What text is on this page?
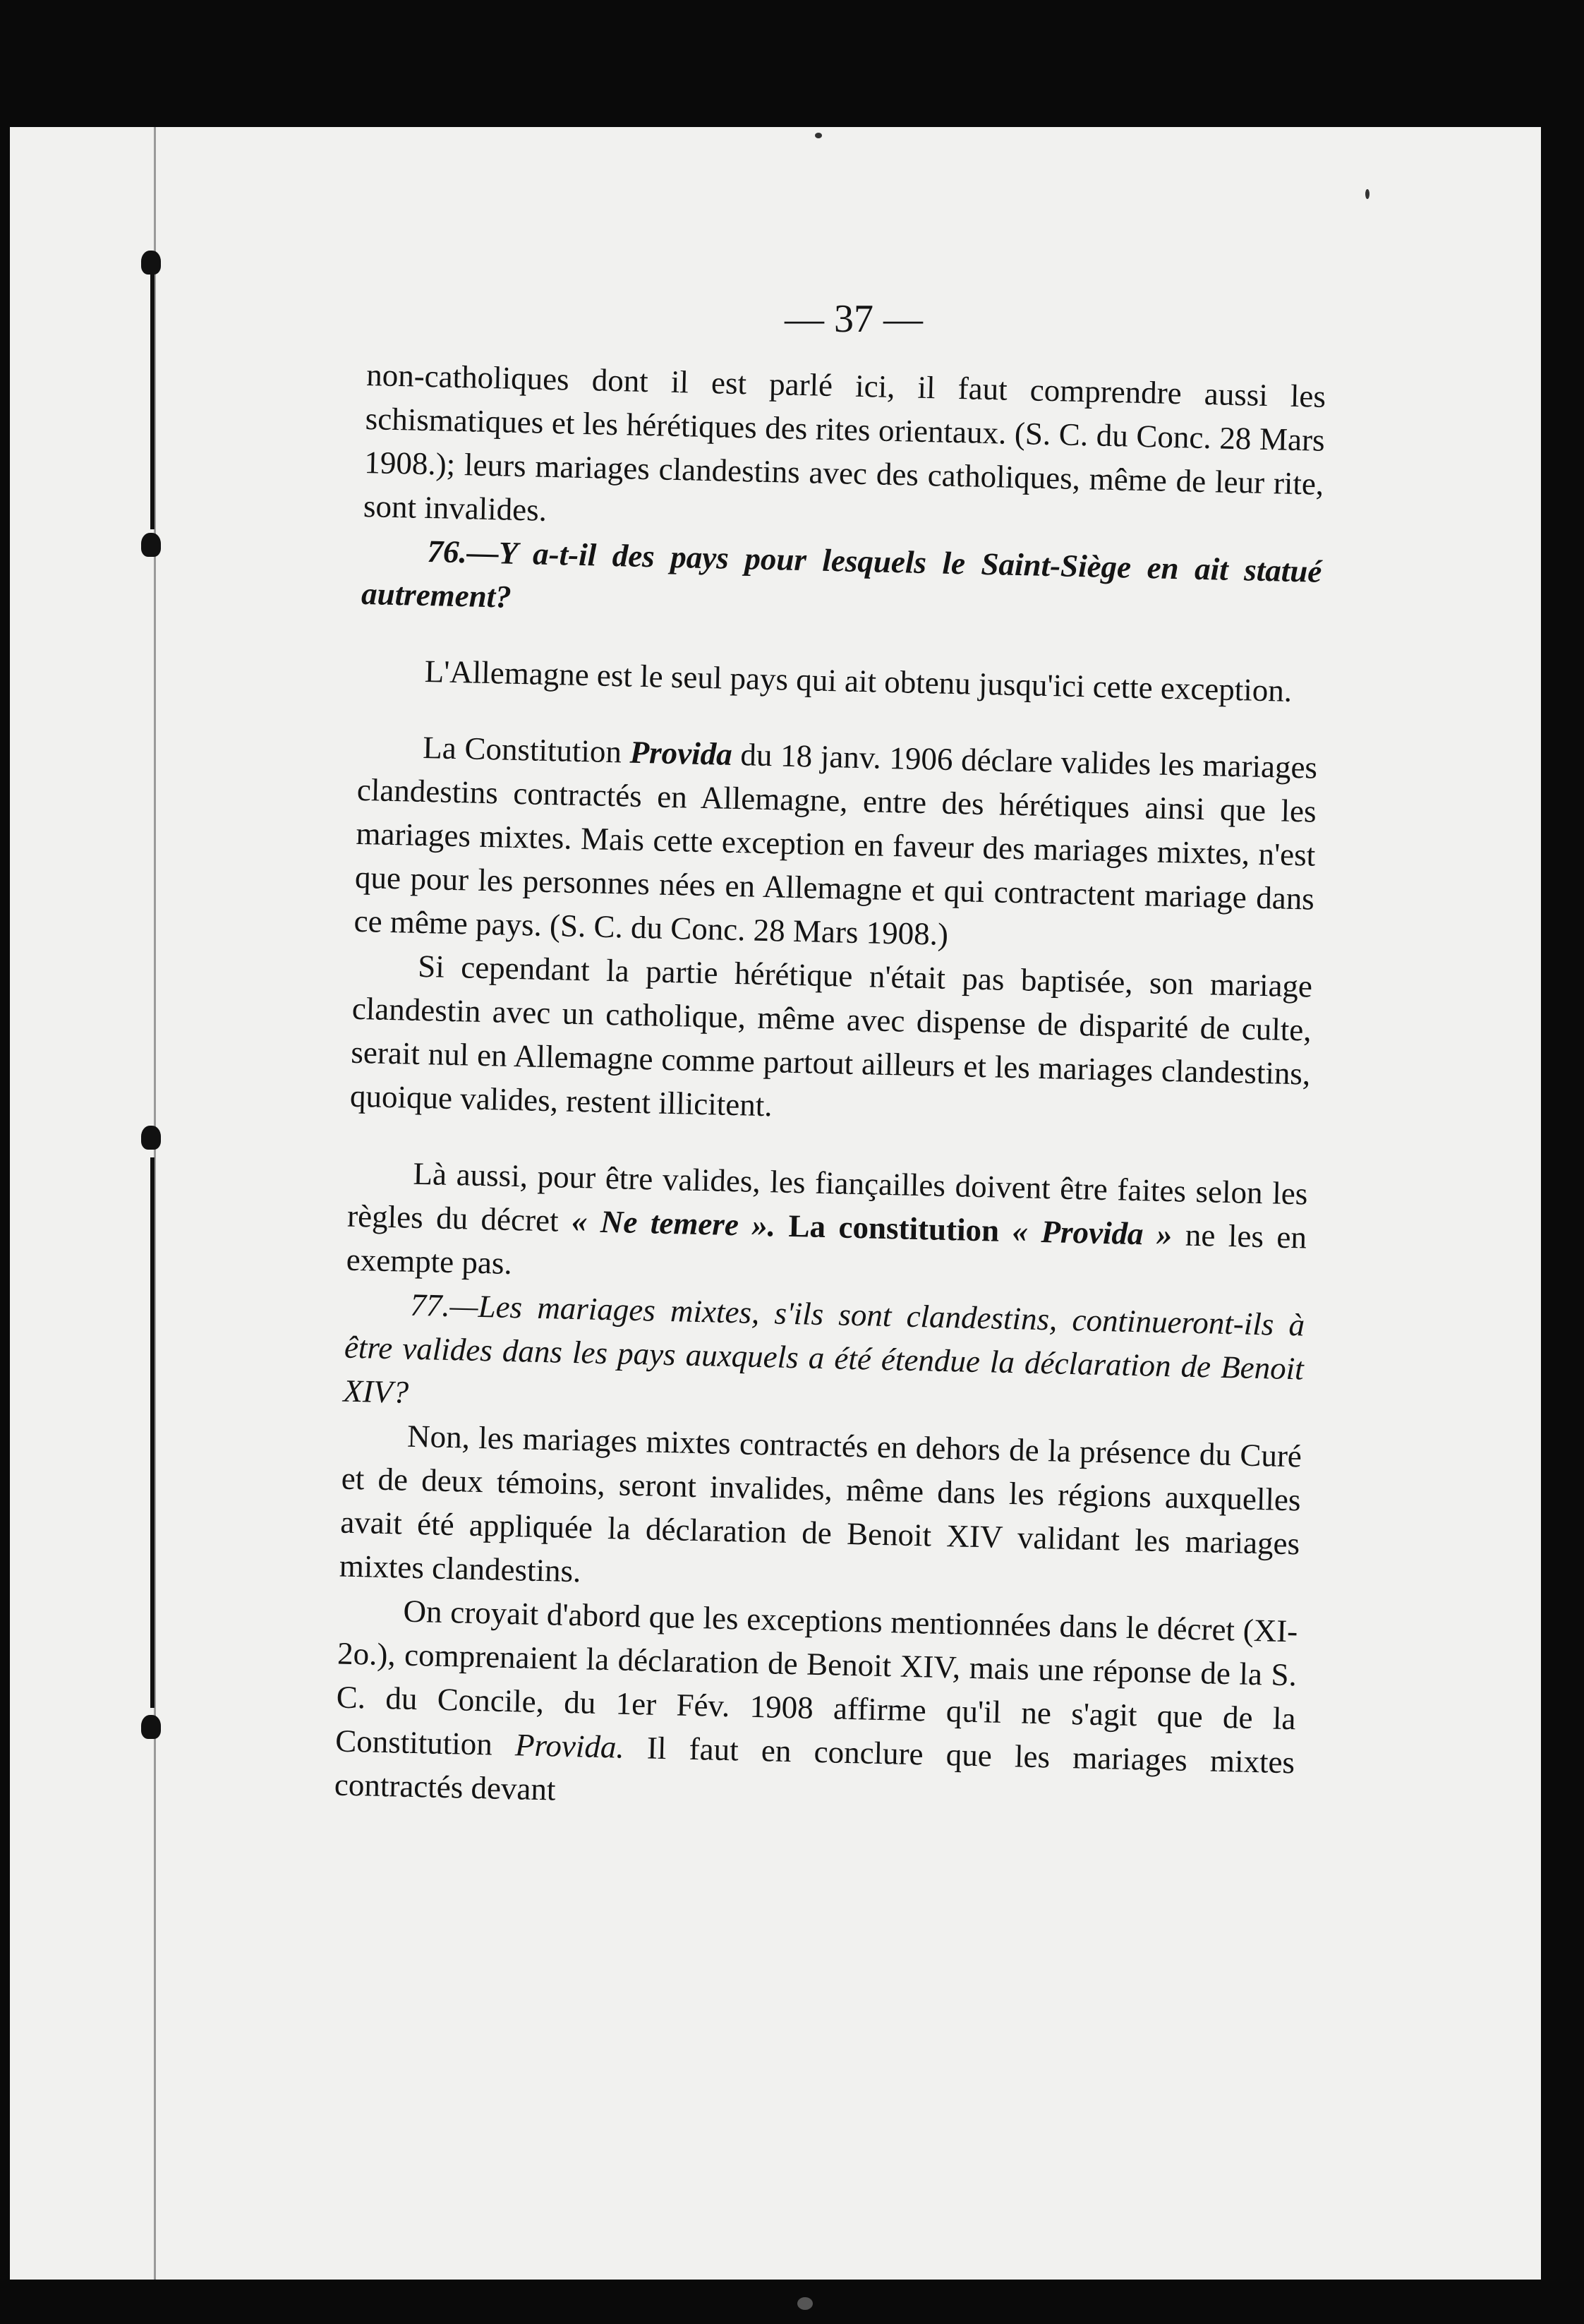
— 37 —

non-catholiques dont il est parlé ici, il faut comprendre aussi les schismatiques et les hérétiques des rites orientaux. (S. C. du Conc. 28 Mars 1908.); leurs mariages clandestins avec des catholiques, même de leur rite, sont invalides.

76.—Y a-t-il des pays pour lesquels le Saint-Siège en ait statué autrement?

L'Allemagne est le seul pays qui ait obtenu jusqu'ici cette exception.

La Constitution Provida du 18 janv. 1906 déclare valides les mariages clandestins contractés en Allemagne, entre des hérétiques ainsi que les mariages mixtes. Mais cette exception en faveur des mariages mixtes, n'est que pour les personnes nées en Allemagne et qui contractent mariage dans ce même pays. (S. C. du Conc. 28 Mars 1908.)

Si cependant la partie hérétique n'était pas baptisée, son mariage clandestin avec un catholique, même avec dispense de disparité de culte, serait nul en Allemagne comme partout ailleurs et les mariages clandestins, quoique valides, restent illicitent.

Là aussi, pour être valides, les fiançailles doivent être faites selon les règles du décret « Ne temere ». La constitution « Provida » ne les en exempte pas.

77.—Les mariages mixtes, s'ils sont clandestins, continueront-ils à être valides dans les pays auxquels a été étendue la déclaration de Benoit XIV?

Non, les mariages mixtes contractés en dehors de la présence du Curé et de deux témoins, seront invalides, même dans les régions auxquelles avait été appliquée la déclaration de Benoit XIV validant les mariages mixtes clandestins.

On croyait d'abord que les exceptions mentionnées dans le décret (XI-2o.), comprenaient la déclaration de Benoit XIV, mais une réponse de la S. C. du Concile, du 1er Fév. 1908 affirme qu'il ne s'agit que de la Constitution Provida. Il faut en conclure que les mariages mixtes contractés devant
